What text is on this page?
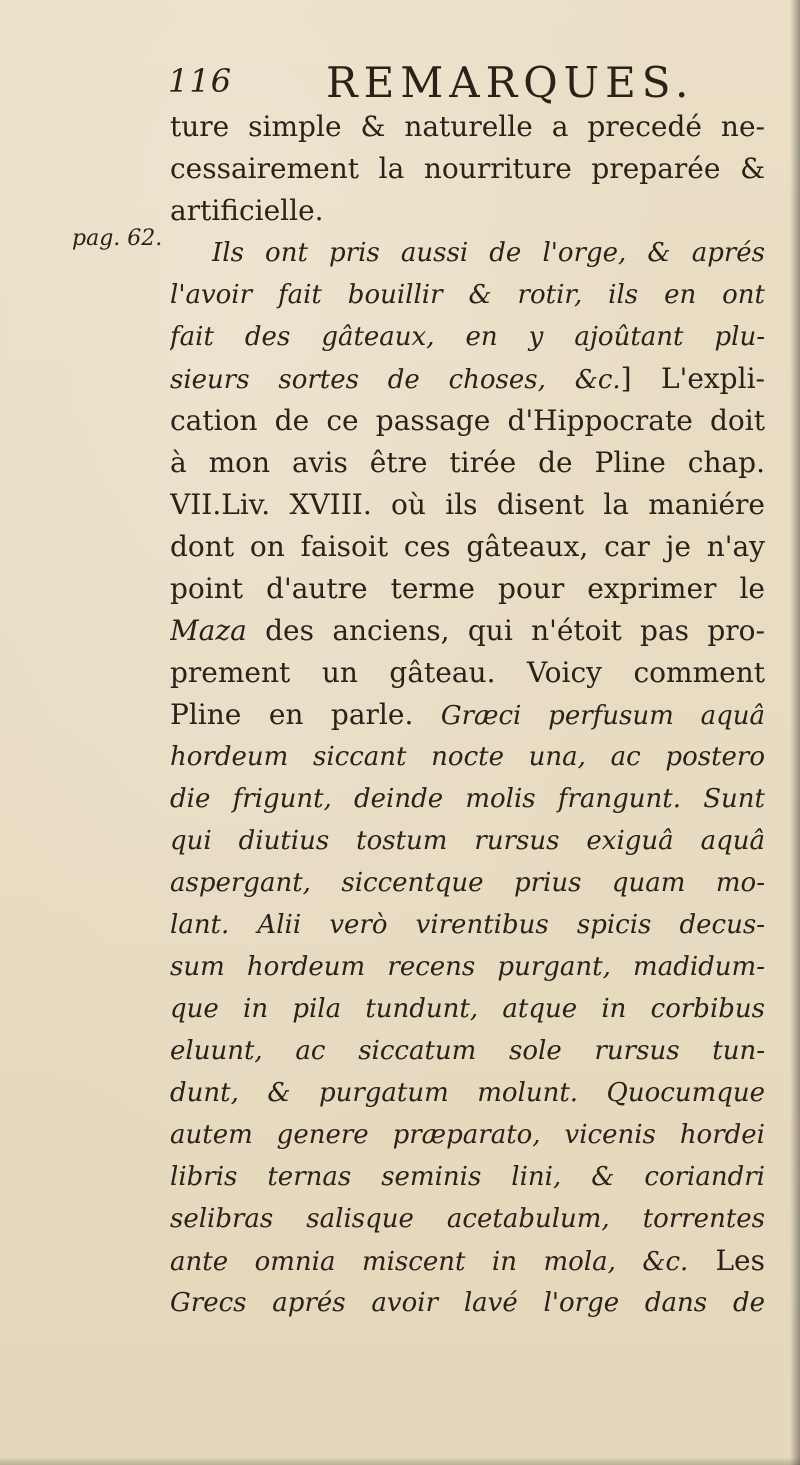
116 REMARQUES.
pag. 62.
ture simple & naturelle a precedé ne-
cessairement la nourriture preparée &
artificielle.
Ils ont pris aussi de l'orge, & aprés
l'avoir fait bouillir & rotir, ils en ont
fait des gâteaux, en y ajoûtant plu-
sieurs sortes de choses, &c.] L'expli-
cation de ce passage d'Hippocrate doit
à mon avis être tirée de Pline chap.
VII.Liv. XVIII. où ils disent la maniére
dont on faisoit ces gâteaux, car je n'ay
point d'autre terme pour exprimer le
Maza des anciens, qui n'étoit pas pro-
prement un gâteau. Voicy comment
Pline en parle. Græci perfusum aquâ
hordeum siccant nocte una, ac postero
die frigunt, deinde molis frangunt. Sunt
qui diutius tostum rursus exiguâ aquâ
aspergant, siccentque prius quam mo-
lant. Alii verò virentibus spicis decus-
sum hordeum recens purgant, madidum-
que in pila tundunt, atque in corbibus
eluunt, ac siccatum sole rursus tun-
dunt, & purgatum molunt. Quocumque
autem genere præparato, vicenis hordei
libris ternas seminis lini, & coriandri
selibras salisque acetabulum, torrentes
ante omnia miscent in mola, &c. Les
Grecs aprés avoir lavé l'orge dans de
